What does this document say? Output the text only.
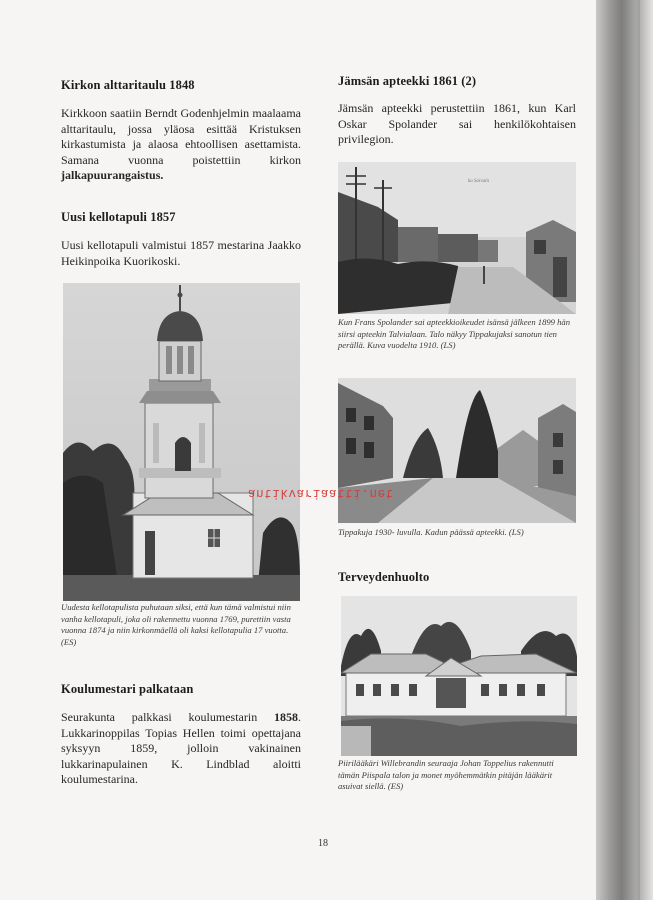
Kirkon alttaritaulu 1848

Kirkkoon saatiin Berndt Godenhjelmin maalaama alttaritaulu, jossa yläosa esittää Kristuksen kirkastumista ja alaosa ehtoollisen asettamista. Samana vuonna poistettiin kirkon jalkapuurangaistus.

Uusi kellotapuli 1857

Uusi kellotapuli valmistui 1857 mestarina Jaakko Heikinpoika Kuorikoski.

Uudesta kellotapulista puhutaan siksi, että kun tämä valmistui niin vanha kellotapuli, joka oli rakennettu vuonna 1769, purettiin vasta vuonna 1874 ja niin kirkonmäellä oli kaksi kellotapulia 17 vuotta. (ES)
Koulumestari palkataan

Seurakunta palkkasi koulumestarin 1858. Lukkarinoppilas Topias Hellen toimi opettajana syksyyn 1859, jolloin vakinainen lukkarinapulainen K. Lindblad aloitti koulumestarina.

Jämsän apteekki 1861 (2)

Jämsän apteekki perustettiin 1861, kun Karl Oskar Spolander sai henkilökohtaisen privilegion.

ka Soivain
Kun Frans Spolander sai apteekkioikeudet isänsä jälkeen 1899 hän siirsi apteekin Talvialaan. Talo näkyy Tippakujaksi sanotun tien perällä. Kuva vuodelta 1910. (LS)
Tippakuja 1930- luvulla. Kadun päässä apteekki. (LS)
Terveydenhuolto
Piirilääkäri Willebrandin seuraaja Johan Toppelius rakennutti tämän Piispala talon ja monet myöhemmätkin pitäjän lääkärit asuivat siellä. (ES)
18
antikvariaatti.net
